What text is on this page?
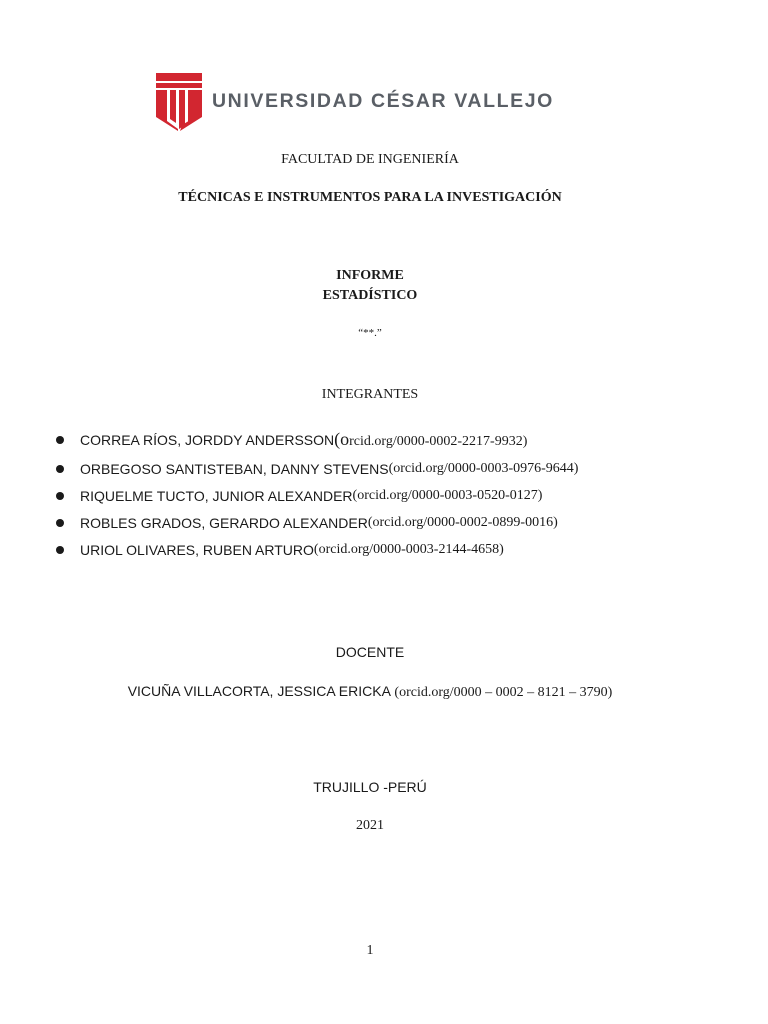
UNIVERSIDAD CÉSAR VALLEJO
FACULTAD DE INGENIERÍA
TÉCNICAS E INSTRUMENTOS PARA LA INVESTIGACIÓN
INFORME
ESTADÍSTICO
“**.”
INTEGRANTES
CORREA RÍOS, JORDDY ANDERSSON (orcid.org/0000-0002-2217-9932)
ORBEGOSO SANTISTEBAN, DANNY STEVENS (orcid.org/0000-0003-0976-9644)
RIQUELME TUCTO, JUNIOR ALEXANDER (orcid.org/0000-0003-0520-0127)
ROBLES GRADOS, GERARDO ALEXANDER (orcid.org/0000-0002-0899-0016)
URIOL OLIVARES, RUBEN ARTURO (orcid.org/0000-0003-2144-4658)
DOCENTE
VICUÑA VILLACORTA, JESSICA ERICKA (orcid.org/0000 – 0002 – 8121 – 3790)
TRUJILLO -PERÚ
2021
1
